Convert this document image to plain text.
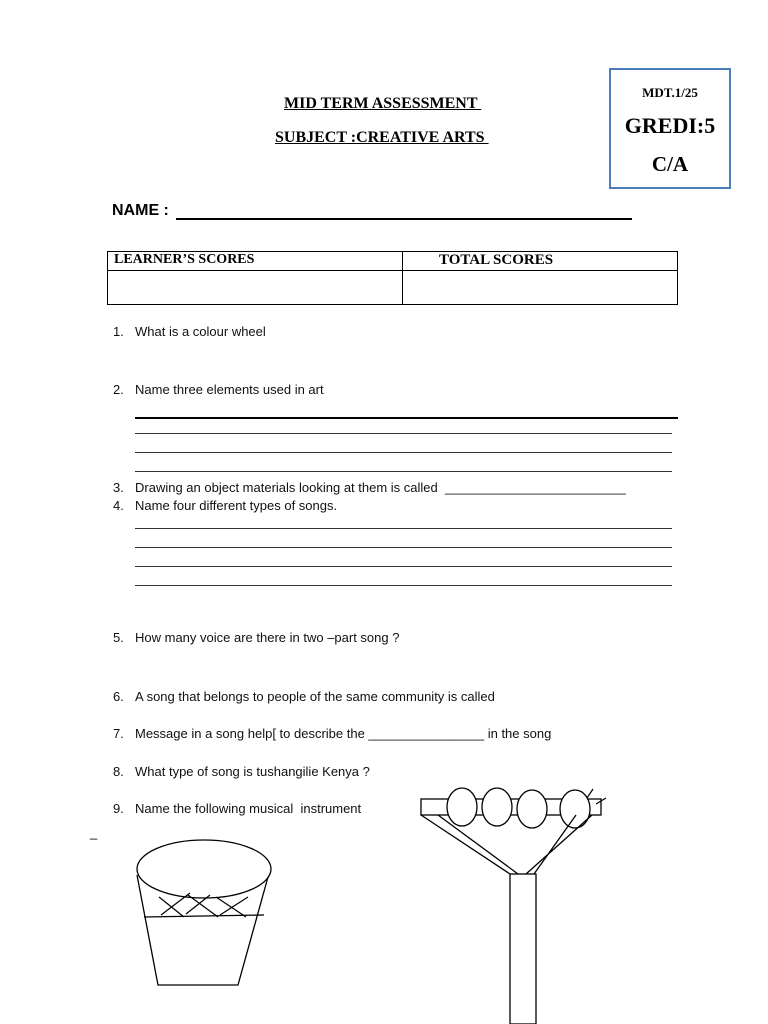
MDT.1/25
GREDI:5
C/A
MID TERM ASSESSMENT
SUBJECT :CREATIVE ARTS
NAME :
LEARNER’S SCORES	TOTAL SCORES

1. What is a colour wheel
2. Name three elements used in art
3. Drawing an object materials looking at them is called  _________________________
4. Name four different types of songs.
5. How many voice are there in two –part song ?
6. A song that belongs to people of the same community is called
7. Message in a song help[ to describe the ________________ in the song
8. What type of song is tushangilie Kenya ?
9. Name the following musical  instrument
_
